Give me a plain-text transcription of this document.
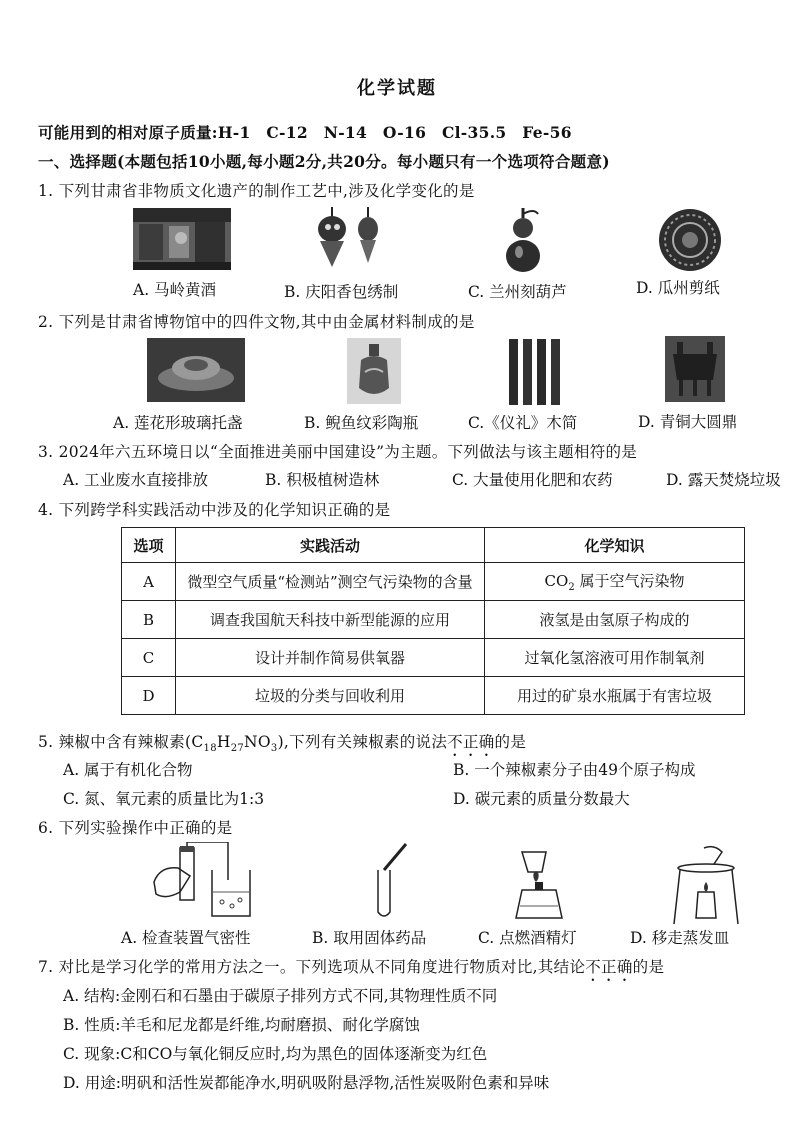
化学试题
可能用到的相对原子质量:H-1　C-12　N-14　O-16　Cl-35.5　Fe-56
一、选择题(本题包括10小题,每小题2分,共20分。每小题只有一个选项符合题意)
1. 下列甘肃省非物质文化遗产的制作工艺中,涉及化学变化的是
A. 马岭黄酒	B. 庆阳香包绣制	C. 兰州刻葫芦	D. 瓜州剪纸
2. 下列是甘肃省博物馆中的四件文物,其中由金属材料制成的是
A. 莲花形玻璃托盏	B. 鲵鱼纹彩陶瓶	C.《仪礼》木简	D. 青铜大圆鼎
3. 2024年六五环境日以“全面推进美丽中国建设”为主题。下列做法与该主题相符的是
A. 工业废水直接排放	B. 积极植树造林	C. 大量使用化肥和农药	D. 露天焚烧垃圾
4. 下列跨学科实践活动中涉及的化学知识正确的是
选项	实践活动	化学知识
A	微型空气质量“检测站”测空气污染物的含量	$CO_2$ 属于空气污染物
B	调查我国航天科技中新型能源的应用	液氢是由氢原子构成的
C	设计并制作简易供氧器	过氧化氢溶液可用作制氧剂
D	垃圾的分类与回收利用	用过的矿泉水瓶属于有害垃圾
5. 辣椒中含有辣椒素$(C_{18}H_{27}NO_3)$,下列有关辣椒素的说法不正确的是
A. 属于有机化合物	B. 一个辣椒素分子由49个原子构成
C. 氮、氧元素的质量比为1:3	D. 碳元素的质量分数最大
6. 下列实验操作中正确的是
A. 检查装置气密性	B. 取用固体药品	C. 点燃酒精灯	D. 移走蒸发皿
7. 对比是学习化学的常用方法之一。下列选项从不同角度进行物质对比,其结论不正确的是
A. 结构:金刚石和石墨由于碳原子排列方式不同,其物理性质不同
B. 性质:羊毛和尼龙都是纤维,均耐磨损、耐化学腐蚀
C. 现象:C和CO与氧化铜反应时,均为黑色的固体逐渐变为红色
D. 用途:明矾和活性炭都能净水,明矾吸附悬浮物,活性炭吸附色素和异味
